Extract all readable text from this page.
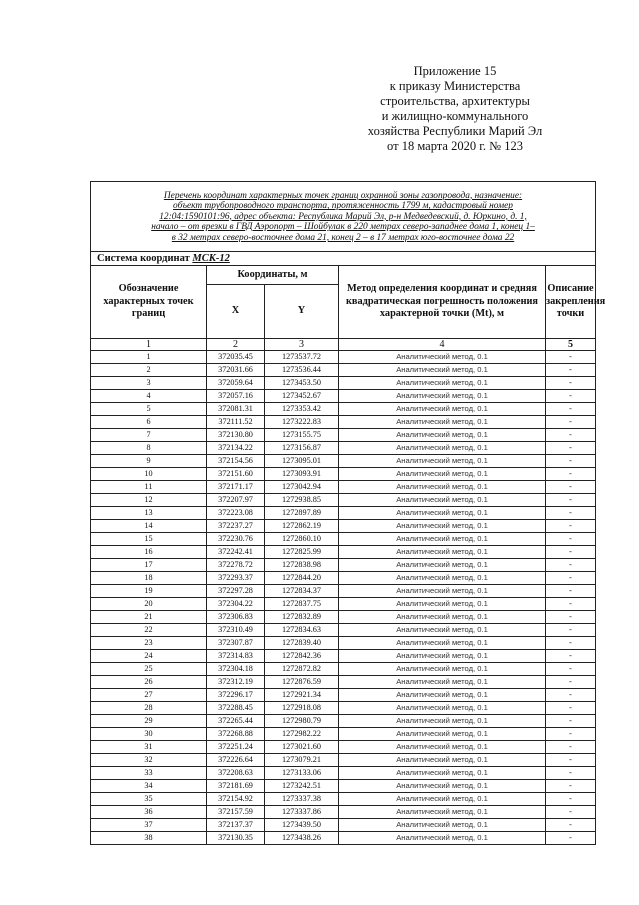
Приложение 15
к приказу Министерства
строительства, архитектуры
и жилищно-коммунального
хозяйства Республики Марий Эл
от 18 марта 2020 г. № 123
Перечень координат характерных точек границ охранной зоны газопровода, назначение:
объект трубопроводного транспорта, протяженность 1799 м, кадастровый номер
12:04:1590101:96, адрес объекта: Республика Марий Эл, р-н Медведевский, д. Юркино, д. 1,
начало – от врезки в ГВД Аэропорт – Шойбулак в 220 метрах северо-западнее дома 1, конец 1–
в 32 метрах северо-восточнее дома 21, конец 2 – в 17 метрах юго-восточнее дома 22				

Система координат МСК-12				
Обозначение характерных точек границ	Координаты, м		Метод определения координат и средняя квадратическая погрешность положения характерной точки (Mt), м	Описание закрепления точки
	X	Y		
1	2	3	4	5
1	372035.45	1273537.72	Аналитический метод, 0.1	-
2	372031.66	1273536.44	Аналитический метод, 0.1	-
3	372059.64	1273453.50	Аналитический метод, 0.1	-
4	372057.16	1273452.67	Аналитический метод, 0.1	-
5	372081.31	1273353.42	Аналитический метод, 0.1	-
6	372111.52	1273222.83	Аналитический метод, 0.1	-
7	372130.80	1273155.75	Аналитический метод, 0.1	-
8	372134.22	1273156.87	Аналитический метод, 0.1	-
9	372154.56	1273095.01	Аналитический метод, 0.1	-
10	372151.60	1273093.91	Аналитический метод, 0.1	-
11	372171.17	1273042.94	Аналитический метод, 0.1	-
12	372207.97	1272938.85	Аналитический метод, 0.1	-
13	372223.08	1272897.89	Аналитический метод, 0.1	-
14	372237.27	1272862.19	Аналитический метод, 0.1	-
15	372230.76	1272860.10	Аналитический метод, 0.1	-
16	372242.41	1272825.99	Аналитический метод, 0.1	-
17	372278.72	1272838.98	Аналитический метод, 0.1	-
18	372293.37	1272844.20	Аналитический метод, 0.1	-
19	372297.28	1272834.37	Аналитический метод, 0.1	-
20	372304.22	1272837.75	Аналитический метод, 0.1	-
21	372306.83	1272832.89	Аналитический метод, 0.1	-
22	372310.49	1272834.63	Аналитический метод, 0.1	-
23	372307.87	1272839.40	Аналитический метод, 0.1	-
24	372314.83	1272842.36	Аналитический метод, 0.1	-
25	372304.18	1272872.82	Аналитический метод, 0.1	-
26	372312.19	1272876.59	Аналитический метод, 0.1	-
27	372296.17	1272921.34	Аналитический метод, 0.1	-
28	372288.45	1272918.08	Аналитический метод, 0.1	-
29	372265.44	1272980.79	Аналитический метод, 0.1	-
30	372268.88	1272982.22	Аналитический метод, 0.1	-
31	372251.24	1273021.60	Аналитический метод, 0.1	-
32	372226.64	1273079.21	Аналитический метод, 0.1	-
33	372208.63	1273133.06	Аналитический метод, 0.1	-
34	372181.69	1273242.51	Аналитический метод, 0.1	-
35	372154.92	1273337.38	Аналитический метод, 0.1	-
36	372157.59	1273337.86	Аналитический метод, 0.1	-
37	372137.37	1273439.50	Аналитический метод, 0.1	-
38	372130.35	1273438.26	Аналитический метод, 0.1	-
